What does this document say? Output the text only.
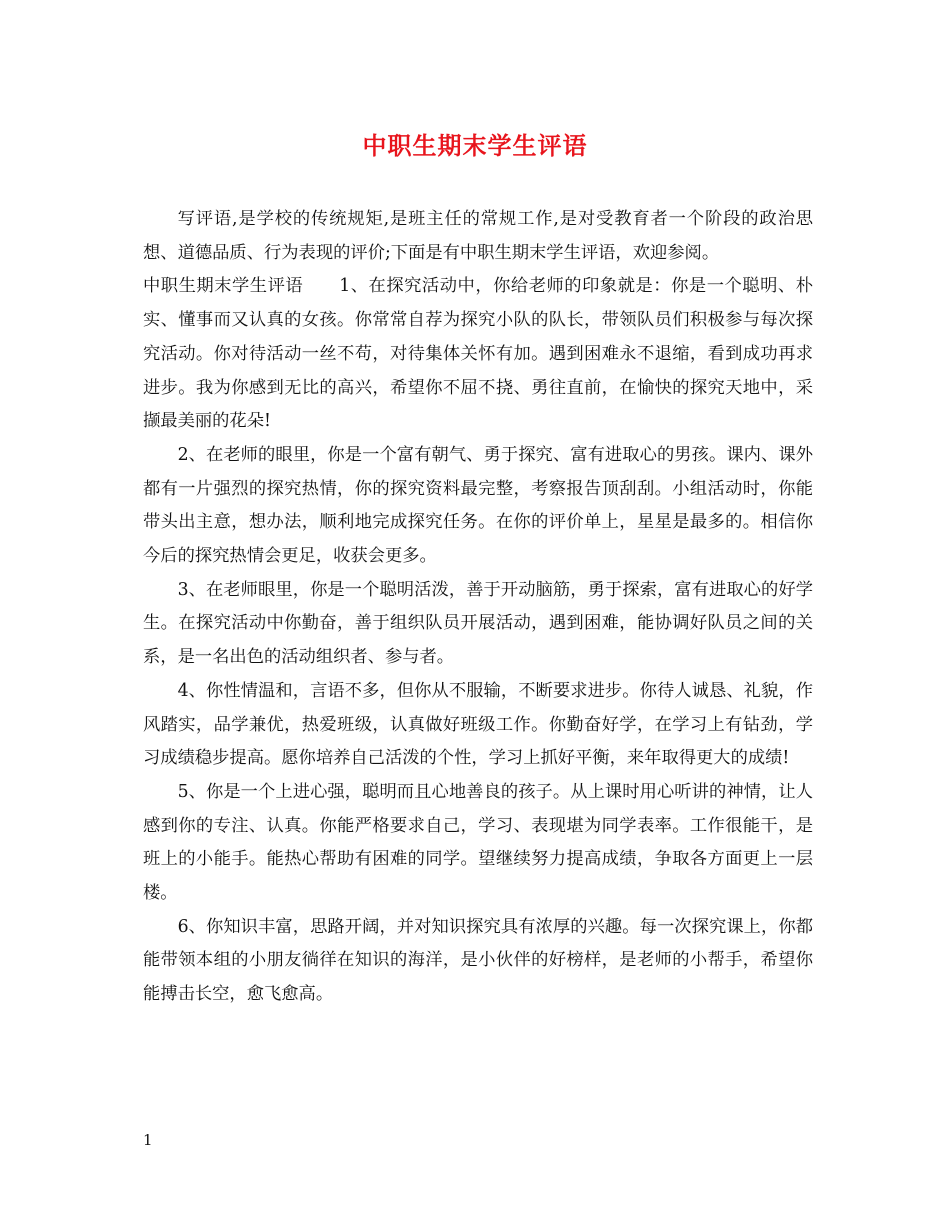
中职生期末学生评语

写评语,是学校的传统规矩,是班主任的常规工作,是对受教育者一个阶段的政治思想、道德品质、行为表现的评价;下面是有中职生期末学生评语，欢迎参阅。

中职生期末学生评语 1、在探究活动中，你给老师的印象就是：你是一个聪明、朴实、懂事而又认真的女孩。你常常自荐为探究小队的队长，带领队员们积极参与每次探究活动。你对待活动一丝不苟，对待集体关怀有加。遇到困难永不退缩，看到成功再求进步。我为你感到无比的高兴，希望你不屈不挠、勇往直前，在愉快的探究天地中，采撷最美丽的花朵!

2、在老师的眼里，你是一个富有朝气、勇于探究、富有进取心的男孩。课内、课外都有一片强烈的探究热情，你的探究资料最完整，考察报告顶刮刮。小组活动时，你能带头出主意，想办法，顺利地完成探究任务。在你的评价单上，星星是最多的。相信你今后的探究热情会更足，收获会更多。

3、在老师眼里，你是一个聪明活泼，善于开动脑筋，勇于探索，富有进取心的好学生。在探究活动中你勤奋，善于组织队员开展活动，遇到困难，能协调好队员之间的关系，是一名出色的活动组织者、参与者。

4、你性情温和，言语不多，但你从不服输，不断要求进步。你待人诚恳、礼貌，作风踏实，品学兼优，热爱班级，认真做好班级工作。你勤奋好学，在学习上有钻劲，学习成绩稳步提高。愿你培养自己活泼的个性，学习上抓好平衡，来年取得更大的成绩!

5、你是一个上进心强，聪明而且心地善良的孩子。从上课时用心听讲的神情，让人感到你的专注、认真。你能严格要求自己，学习、表现堪为同学表率。工作很能干，是班上的小能手。能热心帮助有困难的同学。望继续努力提高成绩，争取各方面更上一层楼。

6、你知识丰富，思路开阔，并对知识探究具有浓厚的兴趣。每一次探究课上，你都能带领本组的小朋友徜徉在知识的海洋，是小伙伴的好榜样，是老师的小帮手，希望你能搏击长空，愈飞愈高。

1
